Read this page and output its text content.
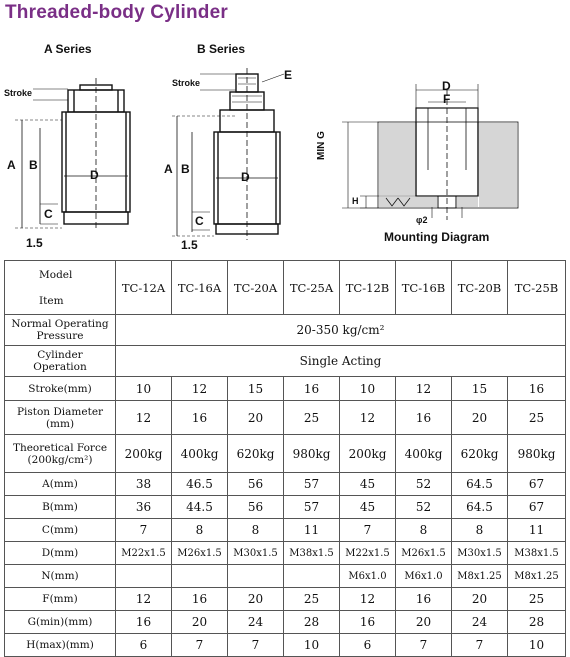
Threaded-body Cylinder
A Series	B Series
Stroke
Stroke
E
A B
D
C
1.5
A B
D
C
1.5
D
F
MIN G
H
φ2
Mounting Diagram
Model
Item	TC-12A	TC-16A	TC-20A	TC-25A	TC-12B	TC-16B	TC-20B	TC-25B

Normal Operating
Pressure	20-350 kg/cm²							

Cylinder
Operation	Single Acting							
Stroke(mm)	10	12	15	16	10	12	15	16

Piston Diameter
(mm)	12	16	20	25	12	16	20	25

Theoretical Force
(200kg/cm²)	200kg	400kg	620kg	980kg	200kg	400kg	620kg	980kg
A(mm)	38	46.5	56	57	45	52	64.5	67
B(mm)	36	44.5	56	57	45	52	64.5	67
C(mm)	7	8	8	11	7	8	8	11
D(mm)	M22x1.5	M26x1.5	M30x1.5	M38x1.5	M22x1.5	M26x1.5	M30x1.5	M38x1.5
N(mm)					M6x1.0	M6x1.0	M8x1.25	M8x1.25
F(mm)	12	16	20	25	12	16	20	25
G(min)(mm)	16	20	24	28	16	20	24	28
H(max)(mm)	6	7	7	10	6	7	7	10
